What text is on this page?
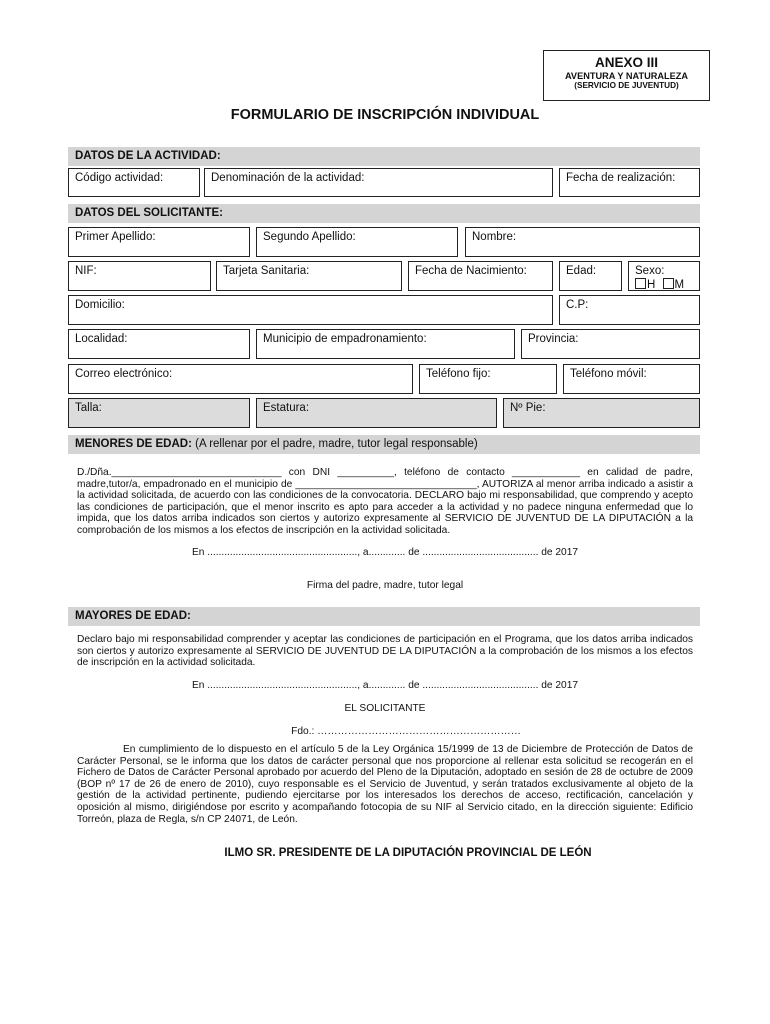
ANEXO III
AVENTURA Y NATURALEZA
(SERVICIO DE JUVENTUD)
FORMULARIO DE INSCRIPCIÓN INDIVIDUAL
DATOS DE LA ACTIVIDAD:
Código actividad:	Denominación de la actividad:	Fecha de realización:
DATOS DEL SOLICITANTE:
Primer Apellido:	Segundo Apellido:	Nombre:
NIF:	Tarjeta Sanitaria:	Fecha de Nacimiento:	Edad:	Sexo:
H M
Domicilio:	C.P:
Localidad:	Municipio de empadronamiento:	Provincia:
Correo electrónico:	Teléfono fijo:	Teléfono móvil:
Talla:	Estatura:	Nº Pie:
MENORES DE EDAD: (A rellenar por el padre, madre, tutor legal responsable)
D./Dña.______________________________ con DNI __________, teléfono de contacto ____________ en calidad de padre, madre,tutor/a, empadronado en el municipio de ________________________________, AUTORIZA al menor arriba indicado a asistir a la actividad solicitada, de acuerdo con las condiciones de la convocatoria. DECLARO bajo mi responsabilidad, que comprendo y acepto las condiciones de participación, que el menor inscrito es apto para acceder a la actividad y no padece ninguna enfermedad que lo impida, que los datos arriba indicados son ciertos y autorizo expresamente al SERVICIO DE JUVENTUD DE LA DIPUTACIÓN a la comprobación de los mismos a los efectos de inscripción en la actividad solicitada.
En ....................................................., a............. de ......................................... de 2017
Firma del padre, madre, tutor legal
MAYORES DE EDAD:
Declaro bajo mi responsabilidad comprender y aceptar las condiciones de participación en el Programa, que los datos arriba indicados son ciertos y autorizo expresamente al SERVICIO DE JUVENTUD DE LA DIPUTACIÓN a la comprobación de los mismos a los efectos de inscripción en la actividad solicitada.
En ....................................................., a............. de ......................................... de 2017
EL SOLICITANTE
Fdo.: ……………………………………………………
En cumplimiento de lo dispuesto en el artículo 5 de la Ley Orgánica 15/1999 de 13 de Diciembre de Protección de Datos de Carácter Personal, se le informa que los datos de carácter personal que nos proporcione al rellenar esta solicitud se recogerán en el Fichero de Datos de Carácter Personal aprobado por acuerdo del Pleno de la Diputación, adoptado en sesión de 28 de octubre de 2009 (BOP nº 17 de 26 de enero de 2010), cuyo responsable es el Servicio de Juventud, y serán tratados exclusivamente al objeto de la gestión de la actividad pertinente, pudiendo ejercitarse por los interesados los derechos de acceso, rectificación, cancelación y oposición al mismo, dirigiéndose por escrito y acompañando fotocopia de su NIF al Servicio citado, en la dirección siguiente: Edificio Torreón, plaza de Regla, s/n CP 24071, de León.
ILMO SR. PRESIDENTE DE LA DIPUTACIÓN PROVINCIAL DE LEÓN
